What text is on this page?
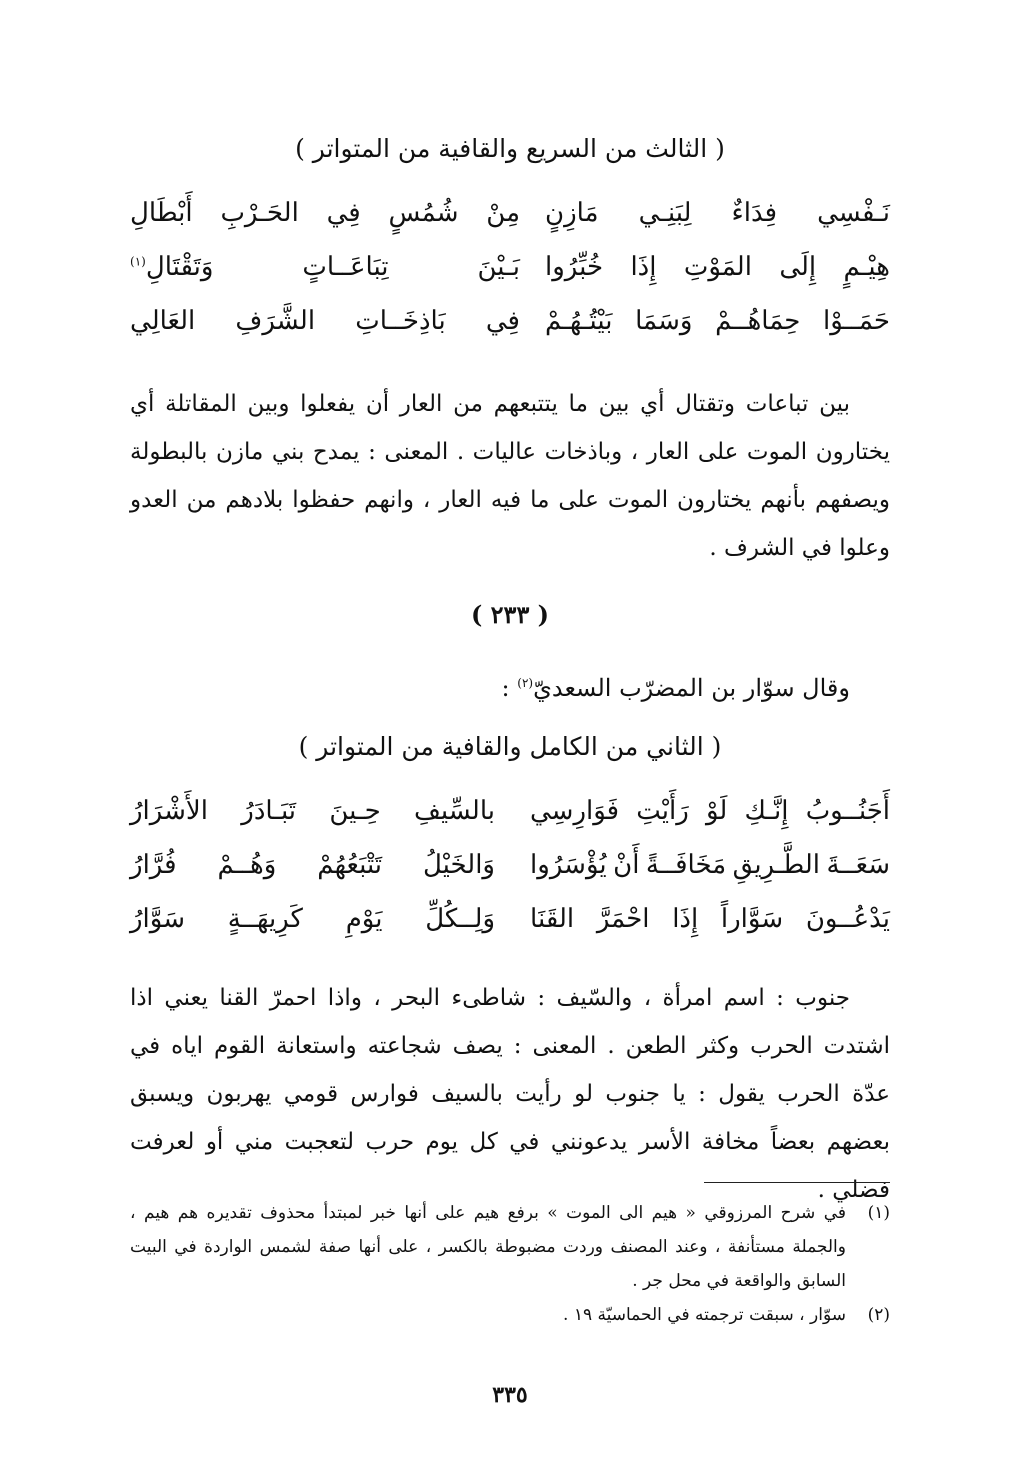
( الثالث من السريع والقافية من المتواتر )
نَـفْسِي
فِدَاءٌ
لِبَنِـي
مَازِنٍ
مِنْ
شُمُسٍ
فِي
الحَـرْبِ
أَبْطَالِ
هِيْـمٍ
إِلَى
المَوْتِ
إِذَا
خُبِّرُوا
بَـيْنَ
تِبَاعَــاتٍ
وَتَقْتَالِ$^{(١)}$
حَمَــوْا
حِمَاهُــمْ
وَسَمَا
بَيْتُـهُـمْ
فِي
بَاذِخَــاتِ
الشَّرَفِ
العَالِي

بين تباعات وتقتال أي بين ما يتتبعهم من العار أن يفعلوا وبين المقاتلة أي يختارون الموت على العار ، وباذخات عاليات . المعنى : يمدح بني مازن بالبطولة ويصفهم بأنهم يختارون الموت على ما فيه العار ، وانهم حفظوا بلادهم من العدو وعلوا في الشرف .

( ٢٣٣ )
وقال سوّار بن المضرّب السعديّ$^{(٢)}$ :
( الثاني من الكامل والقافية من المتواتر )
أَجَنُــوبُ
إِنَّـكِ
لَوْ
رَأَيْتِ
فَوَارِسِي
بالسِّيفِ
حِـينَ
تَبَـادَرُ
الأَشْرَارُ
سَعَــةَ
الطَّـرِيقِ
مَخَافَــةً
أَنْ
يُؤْسَرُوا
وَالخَيْلُ
تَتْبَعُهُمْ
وَهُــمْ
فُرَّارُ
يَدْعُــونَ
سَوَّاراً
إِذَا
احْمَرَّ
القَنَا
وَلِــكُلِّ
يَوْمِ
كَرِيهَــةٍ
سَوَّارُ

جنوب : اسم امرأة ، والسّيف : شاطىء البحر ، واذا احمرّ القنا يعني اذا اشتدت الحرب وكثر الطعن . المعنى : يصف شجاعته واستعانة القوم اياه في عدّة الحرب يقول : يا جنوب لو رأيت بالسيف فوارس قومي يهربون ويسبق بعضهم بعضاً مخافة الأسر يدعونني في كل يوم حرب لتعجبت مني أو لعرفت فضلي .

(١)
في شرح المرزوقي « هيم الى الموت » برفع هيم على أنها خبر لمبتدأ محذوف تقديره هم هيم ، والجملة مستأنفة ، وعند المصنف وردت مضبوطة بالكسر ، على أنها صفة لشمس الواردة في البيت السابق والواقعة في محل جر .
(٢)
سوّار ، سبقت ترجمته في الحماسيّة ١٩ .
٣٣٥
